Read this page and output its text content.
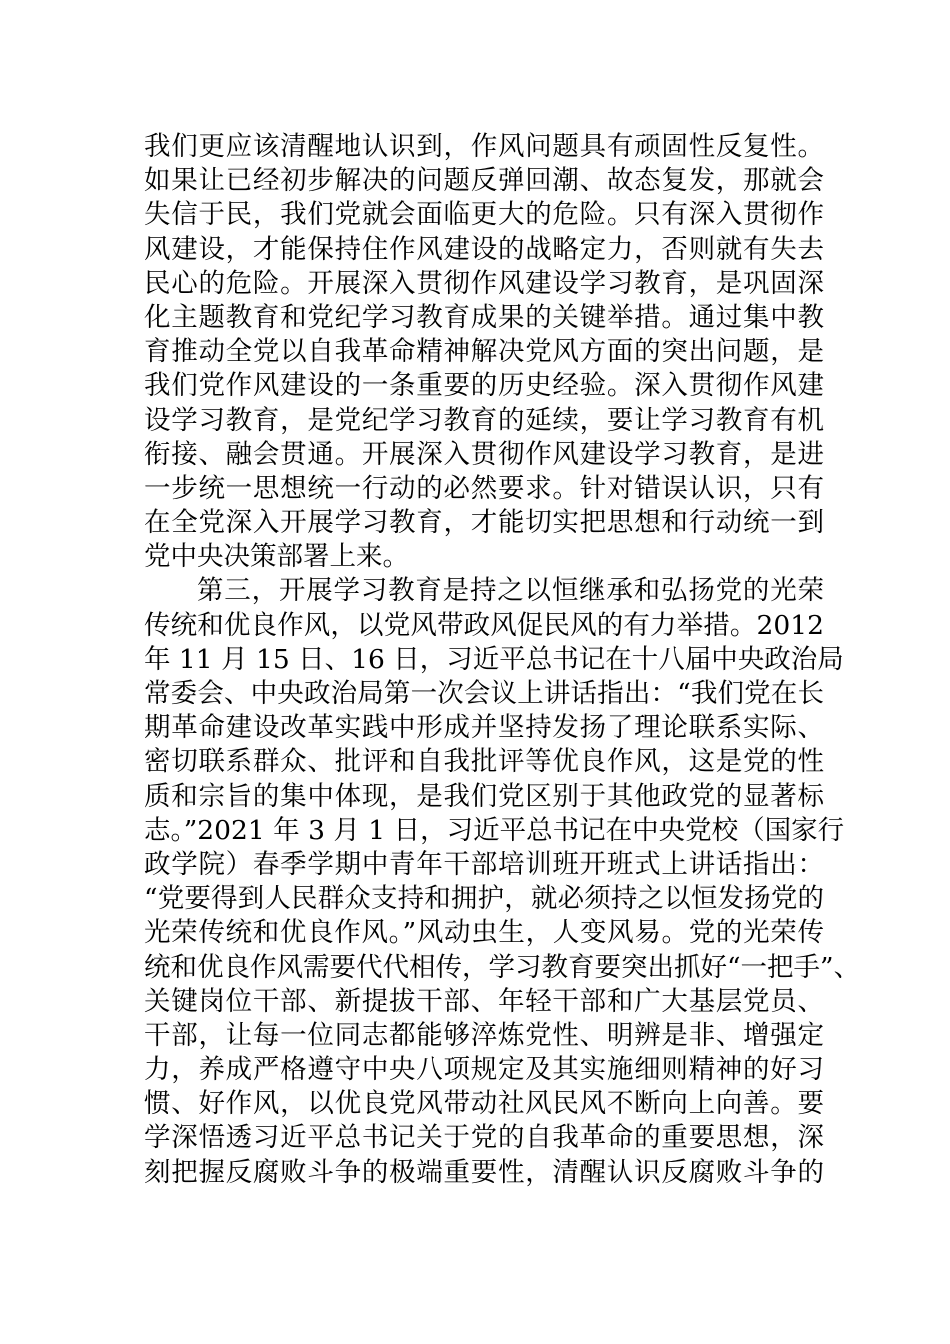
我们更应该清醒地认识到，作风问题具有顽固性反复性。
如果让已经初步解决的问题反弹回潮、故态复发，那就会
失信于民，我们党就会面临更大的危险。只有深入贯彻作
风建设，才能保持住作风建设的战略定力，否则就有失去
民心的危险。开展深入贯彻作风建设学习教育，是巩固深
化主题教育和党纪学习教育成果的关键举措。通过集中教
育推动全党以自我革命精神解决党风方面的突出问题，是
我们党作风建设的一条重要的历史经验。深入贯彻作风建
设学习教育，是党纪学习教育的延续，要让学习教育有机
衔接、融会贯通。开展深入贯彻作风建设学习教育，是进
一步统一思想统一行动的必然要求。针对错误认识，只有
在全党深入开展学习教育，才能切实把思想和行动统一到
党中央决策部署上来。
第三，开展学习教育是持之以恒继承和弘扬党的光荣
传统和优良作风，以党风带政风促民风的有力举措。2012
年 11 月 15 日、16 日，习近平总书记在十八届中央政治局
常委会、中央政治局第一次会议上讲话指出：“我们党在长
期革命建设改革实践中形成并坚持发扬了理论联系实际、
密切联系群众、批评和自我批评等优良作风，这是党的性
质和宗旨的集中体现，是我们党区别于其他政党的显著标
志。”2021 年 3 月 1 日，习近平总书记在中央党校（国家行
政学院）春季学期中青年干部培训班开班式上讲话指出：
“党要得到人民群众支持和拥护，就必须持之以恒发扬党的
光荣传统和优良作风。”风动虫生，人变风易。党的光荣传
统和优良作风需要代代相传，学习教育要突出抓好“一把手”、
关键岗位干部、新提拔干部、年轻干部和广大基层党员、
干部，让每一位同志都能够淬炼党性、明辨是非、增强定
力，养成严格遵守中央八项规定及其实施细则精神的好习
惯、好作风，以优良党风带动社风民风不断向上向善。要
学深悟透习近平总书记关于党的自我革命的重要思想，深
刻把握反腐败斗争的极端重要性，清醒认识反腐败斗争的
